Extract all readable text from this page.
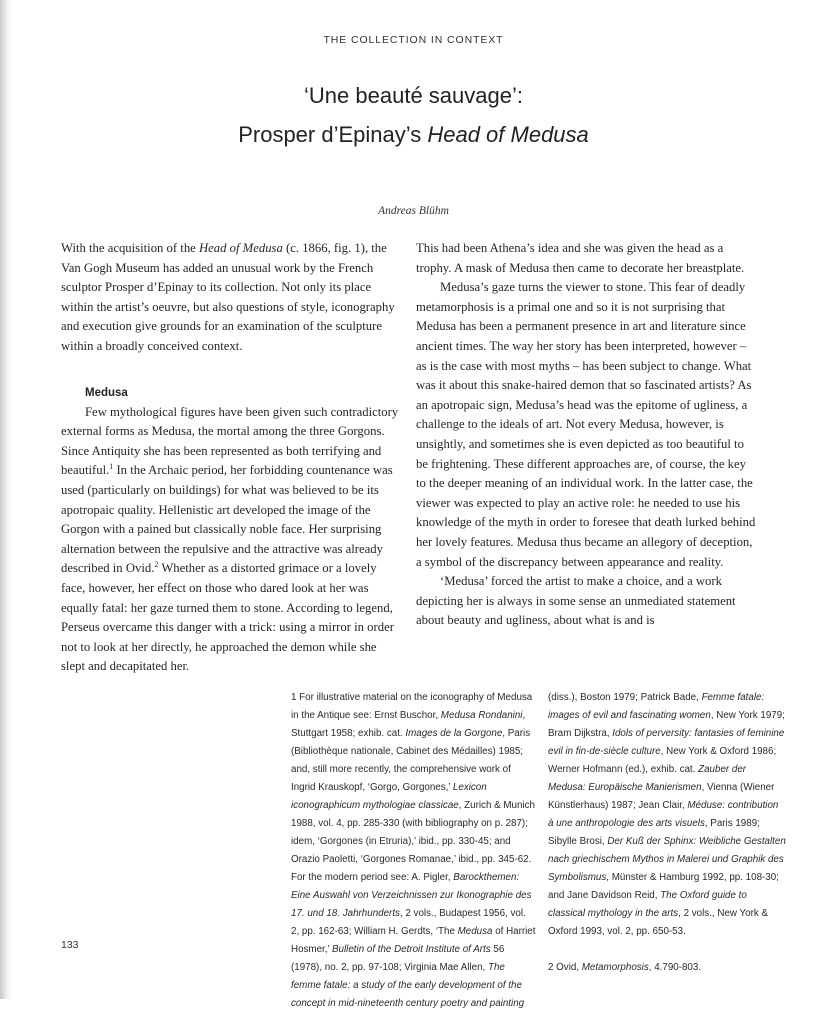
THE COLLECTION IN CONTEXT
‘Une beauté sauvage’:
Prosper d’Epinay’s Head of Medusa
Andreas Blühm

With the acquisition of the Head of Medusa (c. 1866, fig. 1), the Van Gogh Museum has added an unusual work by the French sculptor Prosper d’Epinay to its collection. Not only its place within the artist’s oeuvre, but also questions of style, iconography and execution give grounds for an examination of the sculpture within a broadly conceived context.

Medusa

Few mythological figures have been given such contradictory external forms as Medusa, the mortal among the three Gorgons. Since Antiquity she has been represented as both terrifying and beautiful.$^1$ In the Archaic period, her forbidding countenance was used (particularly on buildings) for what was believed to be its apotropaic quality. Hellenistic art developed the image of the Gorgon with a pained but classically noble face. Her surprising alternation between the repulsive and the attractive was already described in Ovid.$^2$ Whether as a distorted grimace or a lovely face, however, her effect on those who dared look at her was equally fatal: her gaze turned them to stone. According to legend, Perseus overcame this danger with a trick: using a mirror in order not to look at her directly, he approached the demon while she slept and decapitated her.

This had been Athena’s idea and she was given the head as a trophy. A mask of Medusa then came to decorate her breastplate.

Medusa’s gaze turns the viewer to stone. This fear of deadly metamorphosis is a primal one and so it is not surprising that Medusa has been a permanent presence in art and literature since ancient times. The way her story has been interpreted, however – as is the case with most myths – has been subject to change. What was it about this snake-haired demon that so fascinated artists? As an apotropaic sign, Medusa’s head was the epitome of ugliness, a challenge to the ideals of art. Not every Medusa, however, is unsightly, and sometimes she is even depicted as too beautiful to be frightening. These different approaches are, of course, the key to the deeper meaning of an individual work. In the latter case, the viewer was expected to play an active role: he needed to use his knowledge of the myth in order to foresee that death lurked behind her lovely features. Medusa thus became an allegory of deception, a symbol of the discrepancy between appearance and reality.

‘Medusa’ forced the artist to make a choice, and a work depicting her is always in some sense an unmediated statement about beauty and ugliness, about what is and is

1 For illustrative material on the iconography of Medusa in the Antique see: Ernst Buschor, Medusa Rondanini, Stuttgart 1958; exhib. cat. Images de la Gorgone, Paris (Bibliothèque nationale, Cabinet des Médailles) 1985; and, still more recently, the comprehensive work of Ingrid Krauskopf, ‘Gorgo, Gorgones,’ Lexicon iconographicum mythologiae classicae, Zurich & Munich 1988, vol. 4, pp. 285-330 (with bibliography on p. 287); idem, ‘Gorgones (in Etruria),’ ibid., pp. 330-45; and Orazio Paoletti, ‘Gorgones Romanae,’ ibid., pp. 345-62. For the modern period see: A. Pigler, Barockthemen: Eine Auswahl von Verzeichnissen zur Ikonographie des 17. und 18. Jahrhunderts, 2 vols., Budapest 1956, vol. 2, pp. 162-63; William H. Gerdts, ‘The Medusa of Harriet Hosmer,’ Bulletin of the Detroit Institute of Arts 56 (1978), no. 2, pp. 97-108; Virginia Mae Allen, The femme fatale: a study of the early development of the concept in mid-nineteenth century poetry and painting

(diss.), Boston 1979; Patrick Bade, Femme fatale: images of evil and fascinating women, New York 1979; Bram Dijkstra, Idols of perversity: fantasies of feminine evil in fin-de-siècle culture, New York & Oxford 1986; Werner Hofmann (ed.), exhib. cat. Zauber der Medusa: Europäische Manierismen, Vienna (Wiener Künstlerhaus) 1987; Jean Clair, Méduse: contribution à une anthropologie des arts visuels, Paris 1989; Sibylle Brosi, Der Kuß der Sphinx: Weibliche Gestalten nach griechischem Mythos in Malerei und Graphik des Symbolismus, Münster & Hamburg 1992, pp. 108-30; and Jane Davidson Reid, The Oxford guide to classical mythology in the arts, 2 vols., New York & Oxford 1993, vol. 2, pp. 650-53.

2 Ovid, Metamorphosis, 4.790-803.

133
